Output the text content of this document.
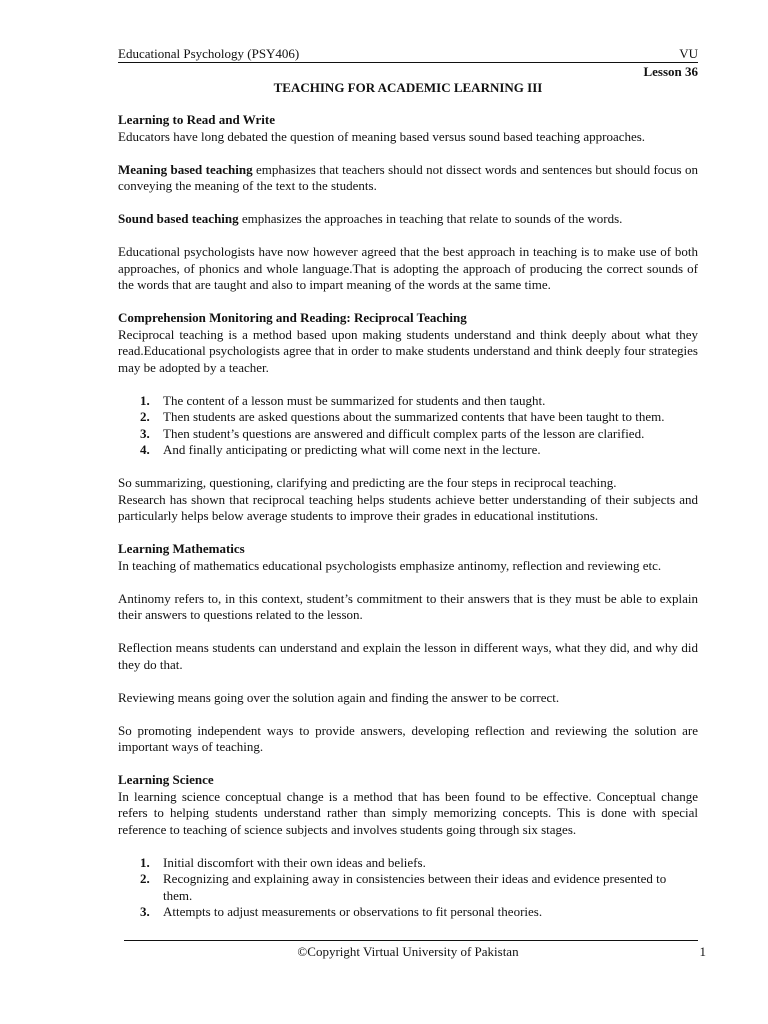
Educational Psychology (PSY406)	VU
Lesson 36
TEACHING FOR ACADEMIC LEARNING III
Learning to Read and Write

Educators have long debated the question of meaning based versus sound based teaching approaches.

Meaning based teaching emphasizes that teachers should not dissect words and sentences but should focus on conveying the meaning of the text to the students.

Sound based teaching emphasizes the approaches in teaching that relate to sounds of the words.

Educational psychologists have now however agreed that the best approach in teaching is to make use of both approaches, of phonics and whole language.That is adopting the approach of producing the correct sounds of the words that are taught and also to impart meaning of the words at the same time.

Comprehension Monitoring and Reading: Reciprocal Teaching

Reciprocal teaching is a method based upon making students understand and think deeply about what they read.Educational psychologists agree that in order to make students understand and think deeply four strategies may be adopted by a teacher.

1. The content of a lesson must be summarized for students and then taught.
2. Then students are asked questions about the summarized contents that have been taught to them.
3. Then student’s questions are answered and difficult complex parts of the lesson are clarified.
4. And finally anticipating or predicting what will come next in the lecture.

So summarizing, questioning, clarifying and predicting are the four steps in reciprocal teaching.

Research has shown that reciprocal teaching helps students achieve better understanding of their subjects and particularly helps below average students to improve their grades in educational institutions.

Learning Mathematics

In teaching of mathematics educational psychologists emphasize antinomy, reflection and reviewing etc.

Antinomy refers to, in this context, student’s commitment to their answers that is they must be able to explain their answers to questions related to the lesson.

Reflection means students can understand and explain the lesson in different ways, what they did, and why did they do that.

Reviewing means going over the solution again and finding the answer to be correct.

So promoting independent ways to provide answers, developing reflection and reviewing the solution are important ways of teaching.

Learning Science

In learning science conceptual change is a method that has been found to be effective. Conceptual change refers to helping students understand rather than simply memorizing concepts. This is done with special reference to teaching of science subjects and involves students going through six stages.

1. Initial discomfort with their own ideas and beliefs.
2. Recognizing and explaining away in consistencies between their ideas and evidence presented to them.
3. Attempts to adjust measurements or observations to fit personal theories.
©Copyright Virtual University of Pakistan	1
